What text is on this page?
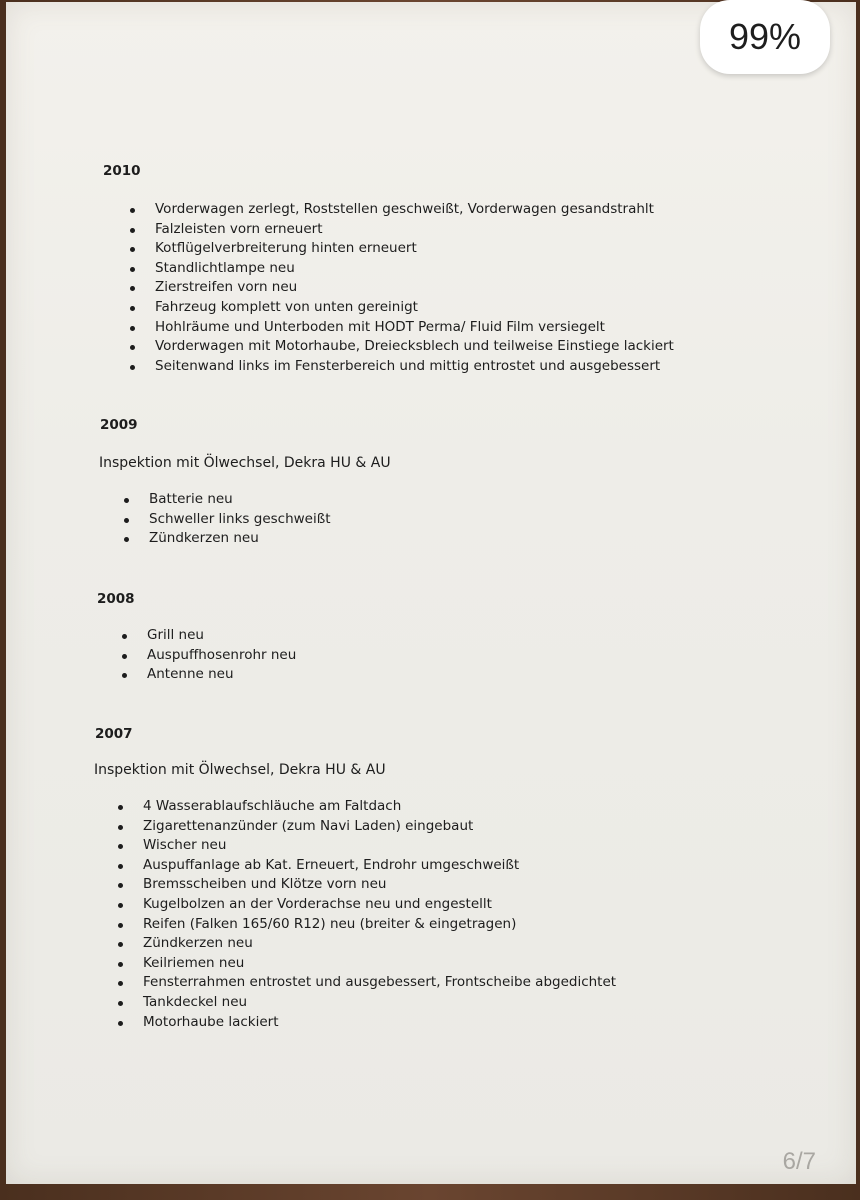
2010
Vorderwagen zerlegt, Roststellen geschweißt, Vorderwagen gesandstrahlt
Falzleisten vorn erneuert
Kotflügelverbreiterung hinten erneuert
Standlichtlampe neu
Zierstreifen vorn neu
Fahrzeug komplett von unten gereinigt
Hohlräume und Unterboden mit HODT Perma/ Fluid Film versiegelt
Vorderwagen mit Motorhaube, Dreiecksblech und teilweise Einstiege lackiert
Seitenwand links im Fensterbereich und mittig entrostet und ausgebessert
2009
Inspektion mit Ölwechsel, Dekra HU & AU
Batterie neu
Schweller links geschweißt
Zündkerzen neu
2008
Grill neu
Auspuffhosenrohr neu
Antenne neu
2007
Inspektion mit Ölwechsel, Dekra HU & AU
4 Wasserablaufschläuche am Faltdach
Zigarettenanzünder (zum Navi Laden) eingebaut
Wischer neu
Auspuffanlage ab Kat. Erneuert, Endrohr umgeschweißt
Bremsscheiben und Klötze vorn neu
Kugelbolzen an der Vorderachse neu und engestellt
Reifen (Falken 165/60 R12) neu (breiter & eingetragen)
Zündkerzen neu
Keilriemen neu
Fensterrahmen entrostet und ausgebessert, Frontscheibe abgedichtet
Tankdeckel neu
Motorhaube lackiert
99%
6/7
